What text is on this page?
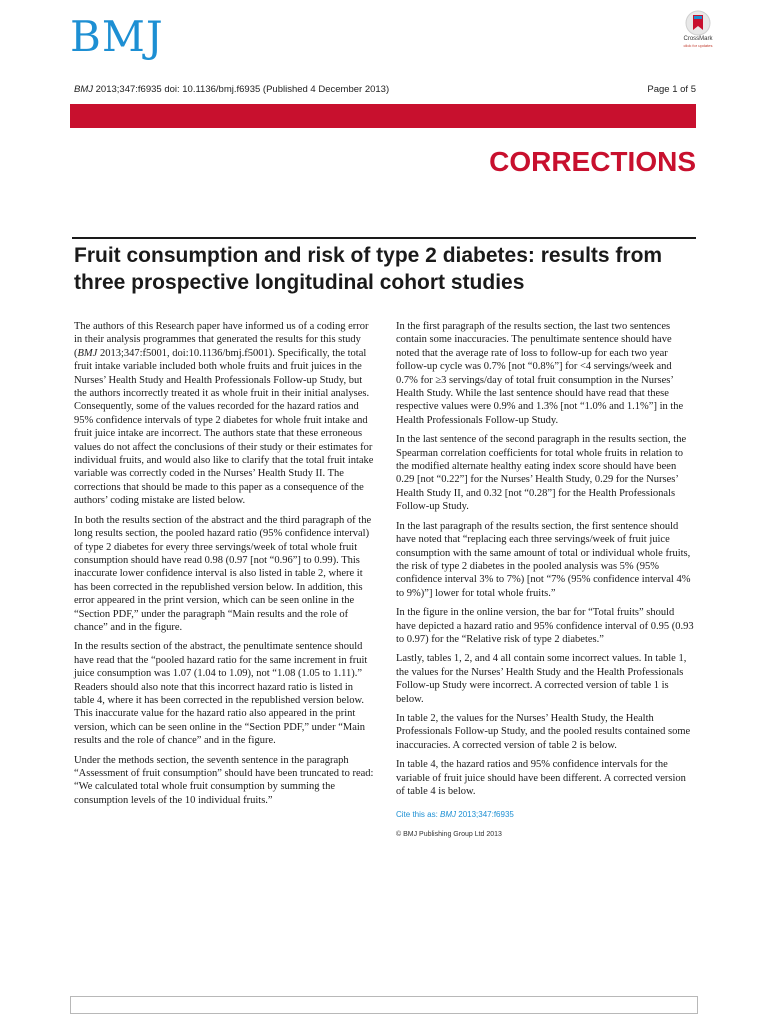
BMJ	CrossMark
click for updates
BMJ 2013;347:f6935 doi: 10.1136/bmj.f6935 (Published 4 December 2013)	Page 1 of 5
CORRECTIONS
Fruit consumption and risk of type 2 diabetes: results from three prospective longitudinal cohort studies

The authors of this Research paper have informed us of a coding error in their analysis programmes that generated the results for this study (BMJ 2013;347:f5001, doi:10.1136/bmj.f5001). Specifically, the total fruit intake variable included both whole fruits and fruit juices in the Nurses’ Health Study and Health Professionals Follow-up Study, but the authors incorrectly treated it as whole fruit in their initial analyses. Consequently, some of the values recorded for the hazard ratios and 95% confidence intervals of type 2 diabetes for whole fruit intake and fruit juice intake are incorrect. The authors state that these erroneous values do not affect the conclusions of their study or their estimates for individual fruits, and would also like to clarify that the total fruit intake variable was correctly coded in the Nurses’ Health Study II. The corrections that should be made to this paper as a consequence of the authors’ coding mistake are listed below.

In both the results section of the abstract and the third paragraph of the long results section, the pooled hazard ratio (95% confidence interval) of type 2 diabetes for every three servings/week of total whole fruit consumption should have read 0.98 (0.97 [not “0.96”] to 0.99). This inaccurate lower confidence interval is also listed in table 2, where it has been corrected in the republished version below. In addition, this error appeared in the print version, which can be seen online in the “Section PDF,” under the paragraph “Main results and the role of chance” and in the figure.

In the results section of the abstract, the penultimate sentence should have read that the “pooled hazard ratio for the same increment in fruit juice consumption was 1.07 (1.04 to 1.09), not “1.08 (1.05 to 1.11).” Readers should also note that this incorrect hazard ratio is listed in table 4, where it has been corrected in the republished version below. This inaccurate value for the hazard ratio also appeared in the print version, which can be seen online in the “Section PDF,” under “Main results and the role of chance” and in the figure.

Under the methods section, the seventh sentence in the paragraph “Assessment of fruit consumption” should have been truncated to read: “We calculated total whole fruit consumption by summing the consumption levels of the 10 individual fruits.”

In the first paragraph of the results section, the last two sentences contain some inaccuracies. The penultimate sentence should have noted that the average rate of loss to follow-up for each two year follow-up cycle was 0.7% [not “0.8%”] for <4 servings/week and 0.7% for ≥3 servings/day of total fruit consumption in the Nurses’ Health Study. While the last sentence should have read that these respective values were 0.9% and 1.3% [not “1.0% and 1.1%”] in the Health Professionals Follow-up Study.

In the last sentence of the second paragraph in the results section, the Spearman correlation coefficients for total whole fruits in relation to the modified alternate healthy eating index score should have been 0.29 [not “0.22”] for the Nurses’ Health Study, 0.29 for the Nurses’ Health Study II, and 0.32 [not “0.28”] for the Health Professionals Follow-up Study.

In the last paragraph of the results section, the first sentence should have noted that “replacing each three servings/week of fruit juice consumption with the same amount of total or individual whole fruits, the risk of type 2 diabetes in the pooled analysis was 5% (95% confidence interval 3% to 7%) [not “7% (95% confidence interval 4% to 9%)”] lower for total whole fruits.”

In the figure in the online version, the bar for “Total fruits” should have depicted a hazard ratio and 95% confidence interval of 0.95 (0.93 to 0.97) for the “Relative risk of type 2 diabetes.”

Lastly, tables 1, 2, and 4 all contain some incorrect values. In table 1, the values for the Nurses’ Health Study and the Health Professionals Follow-up Study were incorrect. A corrected version of table 1 is below.

In table 2, the values for the Nurses’ Health Study, the Health Professionals Follow-up Study, and the pooled results contained some inaccuracies. A corrected version of table 2 is below.

In table 4, the hazard ratios and 95% confidence intervals for the variable of fruit juice should have been different. A corrected version of table 4 is below.

Cite this as: BMJ 2013;347:f6935
© BMJ Publishing Group Ltd 2013
